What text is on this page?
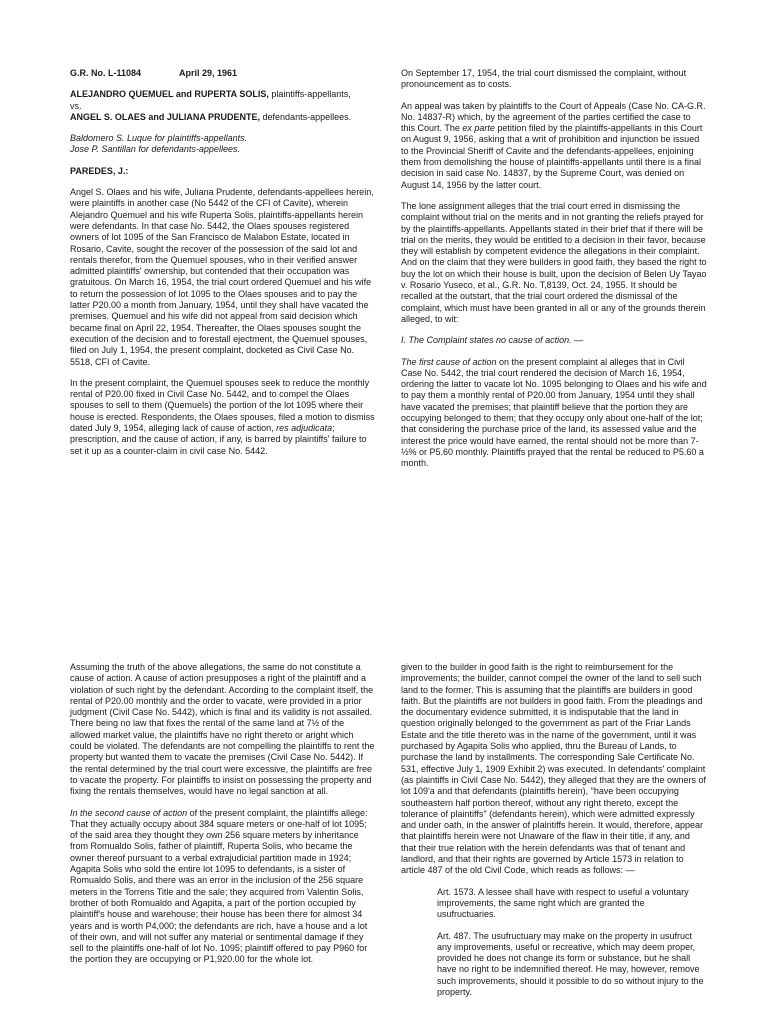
G.R. No. L-11084	April 29, 1961

ALEJANDRO QUEMUEL and RUPERTA SOLIS, plaintiffs-appellants,
vs.
ANGEL S. OLAES and JULIANA PRUDENTE, defendants-appellees.

Baldomero S. Luque for plaintiffs-appellants.
Jose P. Santillan for defendants-appellees.

PAREDES, J.:

Angel S. Olaes and his wife, Juliana Prudente, defendants-appellees herein, were plaintiffs in another case (No 5442 of the CFI of Cavite), wherein Alejandro Quemuel and his wife Ruperta Solis, plaintiffs-appellants herein were defendants. In that case No. 5442, the Olaes spouses registered owners of lot 1095 of the San Francisco de Malabon Estate, located in Rosario, Cavite, sought the recover of the possession of the said lot and rentals therefor, from the Quemuel spouses, who in their verified answer admitted plaintiffs' ownership, but contended that their occupation was gratuitous. On March 16, 1954, the trial court ordered Quemuel and his wife to return the possession of lot 1095 to the Olaes spouses and to pay the latter P20.00 a month from January, 1954, until they shall have vacated the premises. Quemuel and his wife did not appeal from said decision which became final on April 22, 1954. Thereafter, the Olaes spouses sought the execution of the decision and to forestall ejectment, the Quemuel spouses, filed on July 1, 1954, the present complaint, docketed as Civil Case No. 5518, CFI of Cavite.

In the present complaint, the Quemuel spouses seek to reduce the monthly rental of P20.00 fixed in Civil Case No. 5442, and to compel the Olaes spouses to sell to them (Quemuels) the portion of the lot 1095 where their house is erected. Respondents, the Olaes spouses, filed a motion to dismiss dated July 9, 1954, alleging lack of cause of action, res adjudicata; prescription, and the cause of action, if any, is barred by plaintiffs' failure to set it up as a counter-claim in civil case No. 5442.

On September 17, 1954, the trial court dismissed the complaint, without pronouncement as to costs.

An appeal was taken by plaintiffs to the Court of Appeals (Case No. CA-G.R. No. 14837-R) which, by the agreement of the parties certified the case to this Court. The ex parte petition filed by the plaintiffs-appellants in this Court on August 9, 1956, asking that a writ of prohibition and injunction be issued to the Provincial Sheriff of Cavite and the defendants-appellees, enjoining them from demolishing the house of plaintiffs-appellants until there is a final decision in said case No. 14837, by the Supreme Court, was denied on August 14, 1956 by the latter court.

The lone assignment alleges that the trial court erred in dismissing the complaint without trial on the merits and in not granting the reliefs prayed for by the plaintiffs-appellants. Appellants stated in their brief that if there will be trial on the merits, they would be entitled to a decision in their favor, because they will establish by competent evidence the allegations in their complaint. And on the claim that they were builders in good faith, they based the right to buy the lot on which their house is built, upon the decision of Belen Uy Tayao v. Rosario Yuseco, et al., G.R. No. T,8139, Oct. 24, 1955. It should be recalled at the outstart, that the trial court ordered the dismissal of the complaint, which must have been granted in all or any of the grounds therein alleged, to wit:

I. The Complaint states no cause of action. —

The first cause of action on the present complaint al alleges that in Civil Case No. 5442, the trial court rendered the decision of March 16, 1954, ordering the latter to vacate lot No. 1095 belonging to Olaes and his wife and to pay them a monthly rental of P20.00 from January, 1954 until they shall have vacated the premises; that plaintiff believe that the portion they are occupying belonged to them; that they occupy only about one-half of the lot; that considering the purchase price of the land, its assessed value and the interest the price would have earned, the rental should not be more than 7-½% or P5.60 monthly. Plaintiffs prayed that the rental be reduced to P5.60 a month.

Assuming the truth of the above allegations, the same do not constitute a cause of action. A cause of action presupposes a right of the plaintiff and a violation of such right by the defendant. According to the complaint itself, the rental of P20.00 monthly and the order to vacate, were provided in a prior judgment (Civil Case No. 5442), which is final and its validity is not assailed. There being no law that fixes the rental of the same land at 7½ of the allowed market value, the plaintiffs have no right thereto or aright which could be violated. The defendants are not compelling the plaintiffs to rent the property but wanted them to vacate the premises (Civil Case No. 5442). If the rental determined by the trial court were excessive, the plaintiffs are free to vacate the property. For plaintiffs to insist on possessing the property and fixing the rentals themselves, would have no legal sanction at all.

In the second cause of action of the present complaint, the plaintiffs allege: That they actually occupy about 384 square meters or one-half of lot 1095; of the said area they thought they own 256 square meters by inheritance from Romualdo Solis, father of plaintiff, Ruperta Solis, who became the owner thereof pursuant to a verbal extrajudicial partition made in 1924; Agapita Solis who sold the entire lot 1095 to defendants, is a sister of Romualdo Solis, and there was an error in the inclusion of the 256 square meters in the Torrens Title and the sale; they acquired from Valentin Solis, brother of both Romualdo and Agapita, a part of the portion occupied by plaintiff's house and warehouse; their house has been there for almost 34 years and is worth P4,000; the defendants are rich, have a house and a lot of their own, and will not suffer any material or sentimental damage if they sell to the plaintiffs one-half of lot No. 1095; plaintiff offered to pay P960 for the portion they are occupying or P1,920.00 for the whole lot.

given to the builder in good faith is the right to reimbursement for the improvements; the builder, cannot compel the owner of the land to sell such land to the former. This is assuming that the plaintiffs are builders in good faith. But the plaintiffs are not builders in good faith. From the pleadings and the documentary evidence submitted, it is indisputable that the land in question originally belonged to the government as part of the Friar Lands Estate and the title thereto was in the name of the government, until it was purchased by Agapita Solis who applied, thru the Bureau of Lands, to purchase the land by installments. The corresponding Sale Certificate No. 531, effective July 1, 1909 Exhibit 2) was executed. In defendants' complaint (as plaintiffs in Civil Case No. 5442), they alleged that they are the owners of lot 109'a and that defendants (plaintiffs herein), "have been occupying southeastern half portion thereof, without any right thereto, except the tolerance of plaintiffs" (defendants herein), which were admitted expressly and under oath, in the answer of plaintiffs herein. It would, therefore, appear that plaintiffs herein were not Unaware of the flaw in their title, if any, and that their true relation with the herein defendants was that of tenant and landlord, and that their rights are governed by Article 1573 in relation to article 487 of the old Civil Code, which reads as follows: —

Art. 1573. A lessee shall have with respect to useful a voluntary improvements, the same right which are granted the usufructuaries.

Art. 487. The usufructuary may make on the property in usufruct any improvements, useful or recreative, which may deem proper, provided he does not change its form or substance, but he shall have no right to be indemnified thereof. He may, however, remove such improvements, should it possible to do so without injury to the property.
